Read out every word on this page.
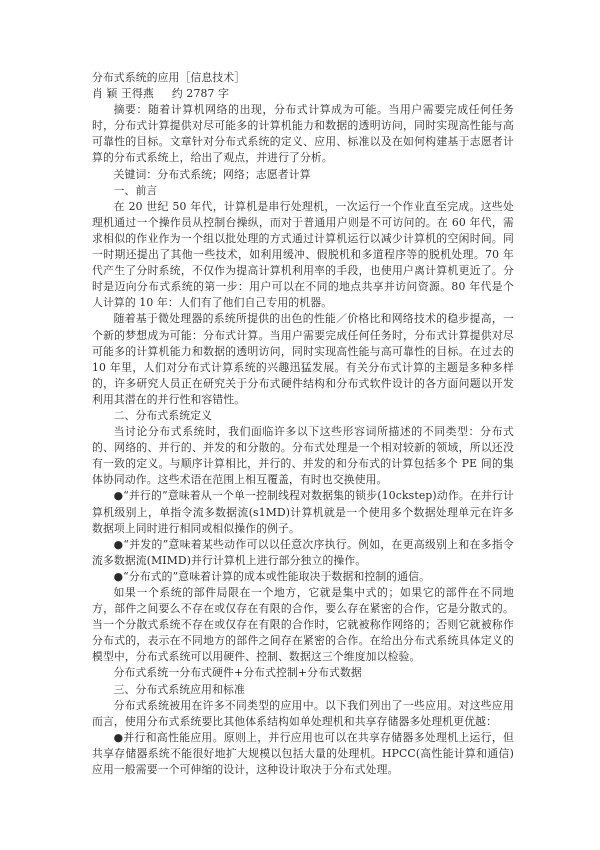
分布式系统的应用［信息技术］

肖 颖 王得燕 约 2787 字

摘要：随着计算机网络的出现，分布式计算成为可能。当用户需要完成任何任务时，分布式计算提供对尽可能多的计算机能力和数据的透明访问，同时实现高性能与高可靠性的目标。文章针对分布式系统的定义、应用、标准以及在如何构建基于志愿者计算的分布式系统上，给出了观点，并进行了分析。

关键词：分布式系统；网络；志愿者计算

一、前言

在 20 世纪 50 年代，计算机是串行处理机，一次运行一个作业直至完成。这些处理机通过一个操作员从控制台操纵，而对于普通用户则是不可访问的。在 60 年代，需求相似的作业作为一个组以批处理的方式通过计算机运行以减少计算机的空闲时间。同一时期还提出了其他一些技术，如利用缓冲、假脱机和多道程序等的脱机处理。70 年代产生了分时系统，不仅作为提高计算机利用率的手段，也使用户离计算机更近了。分时是迈向分布式系统的第一步：用户可以在不同的地点共享并访问资源。80 年代是个人计算的 10 年：人们有了他们自己专用的机器。

随着基于微处理器的系统所提供的出色的性能／价格比和网络技术的稳步提高，一个新的梦想成为可能：分布式计算。当用户需要完成任何任务时，分布式计算提供对尽可能多的计算机能力和数据的透明访问，同时实现高性能与高可靠性的目标。在过去的 10 年里，人们对分布式计算系统的兴趣迅猛发展。有关分布式计算的主题是多种多样的，许多研究人员正在研究关于分布式硬件结构和分布式软件设计的各方面问题以开发利用其潜在的并行性和容错性。

二、分布式系统定义

当讨论分布式系统时，我们面临许多以下这些形容词所描述的不同类型：分布式的、网络的、并行的、并发的和分散的。分布式处理是一个相对较新的领域，所以还没有一致的定义。与顺序计算相比，并行的、并发的和分布式的计算包括多个 PE 间的集体协同动作。这些术语在范围上相互覆盖，有时也交换使用。

●“并行的”意味着从一个单一控制线程对数据集的锁步(10ckstep)动作。在并行计算机级别上，单指令流多数据流(s1MD)计算机就是一个使用多个数据处理单元在许多数据项上同时进行相同或相似操作的例子。

●“并发的”意味着某些动作可以以任意次序执行。例如，在更高级别上和在多指令流多数据流(MIMD)并行计算机上进行部分独立的操作。

●“分布式的”意味着计算的成本或性能取决于数据和控制的通信。

如果一个系统的部件局限在一个地方，它就是集中式的；如果它的部件在不同地方，部件之间要么不存在或仅存在有限的合作，要么存在紧密的合作，它是分散式的。当一个分散式系统不存在或仅存在有限的合作时，它就被称作网络的；否则它就被称作分布式的，表示在不同地方的部件之间存在紧密的合作。在给出分布式系统具体定义的模型中，分布式系统可以用硬件、控制、数据这三个维度加以检验。

分布式系统一分布式硬件+分布式控制+分布式数据

三、分布式系统应用和标准

分布式系统被用在许多不同类型的应用中。以下我们列出了一些应用。对这些应用而言，使用分布式系统要比其他体系结构如单处理机和共享存储器多处理机更优越：

●并行和高性能应用。原则上，并行应用也可以在共享存储器多处理机上运行，但共享存储器系统不能很好地扩大规模以包括大量的处理机。HPCC(高性能计算和通信)应用一般需要一个可伸缩的设计，这种设计取决于分布式处理。
